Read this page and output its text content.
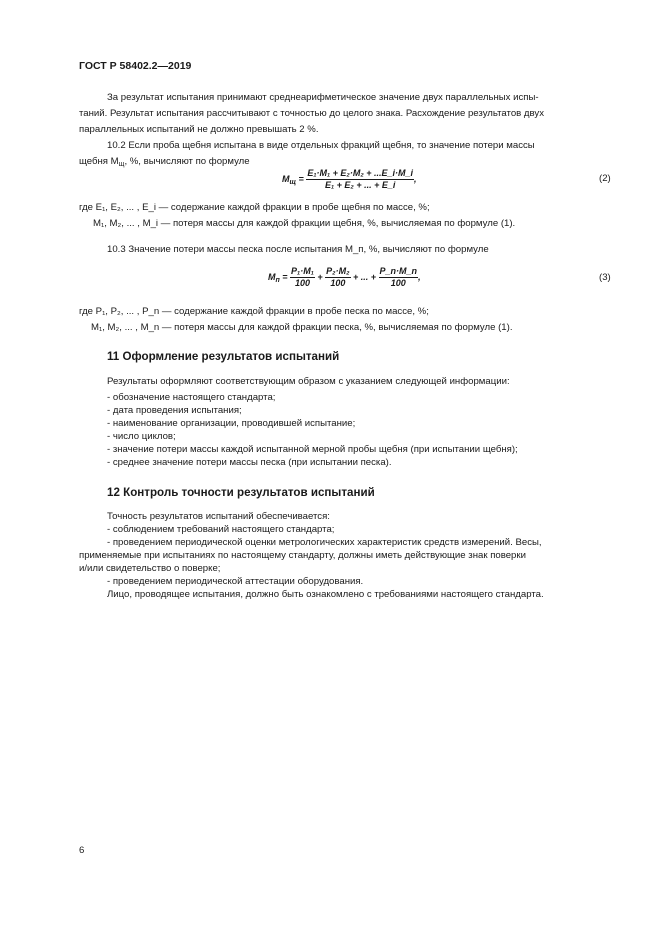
ГОСТ Р 58402.2—2019
За результат испытания принимают среднеарифметическое значение двух параллельных испы-
таний. Результат испытания рассчитывают с точностью до целого знака. Расхождение результатов двух
параллельных испытаний не должно превышать 2 %.
10.2 Если проба щебня испытана в виде отдельных фракций щебня, то значение потери массы
щебня $M_щ$, %, вычисляют по формуле
$M_щ = \frac{\text{E₁·M₁ + E₂·M₂ + ...E\_i·M\_i}}{\text{E₁ + E₂ + ... + E\_i}}$ ,	(2)
где E₁, E₂, ... , E_i — содержание каждой фракции в пробе щебня по массе, %;
M₁, M₂, ... , M_i — потеря массы для каждой фракции щебня, %, вычисляемая по формуле (1).
10.3 Значение потери массы песка после испытания M_п, %, вычисляют по формуле
$M_п = \frac{\text{P₁·M₁}}{100} + \frac{\text{P₂·M₂}}{100}$ + ... + $\frac{P\_n\cdot M\_n}{100}$ ,	(3)
где P₁, P₂, ... , P_n — содержание каждой фракции в пробе песка по массе, %;
M₁, M₂, ... , M_n — потеря массы для каждой фракции песка, %, вычисляемая по формуле (1).
11 Оформление результатов испытаний
Результаты оформляют соответствующим образом с указанием следующей информации:
- обозначение настоящего стандарта;
- дата проведения испытания;
- наименование организации, проводившей испытание;
- число циклов;
- значение потери массы каждой испытанной мерной пробы щебня (при испытании щебня);
- среднее значение потери массы песка (при испытании песка).
12 Контроль точности результатов испытаний
Точность результатов испытаний обеспечивается:
- соблюдением требований настоящего стандарта;
- проведением периодической оценки метрологических характеристик средств измерений. Весы,
применяемые при испытаниях по настоящему стандарту, должны иметь действующие знак поверки
и/или свидетельство о поверке;
- проведением периодической аттестации оборудования.
Лицо, проводящее испытания, должно быть ознакомлено с требованиями настоящего стандарта.
6
